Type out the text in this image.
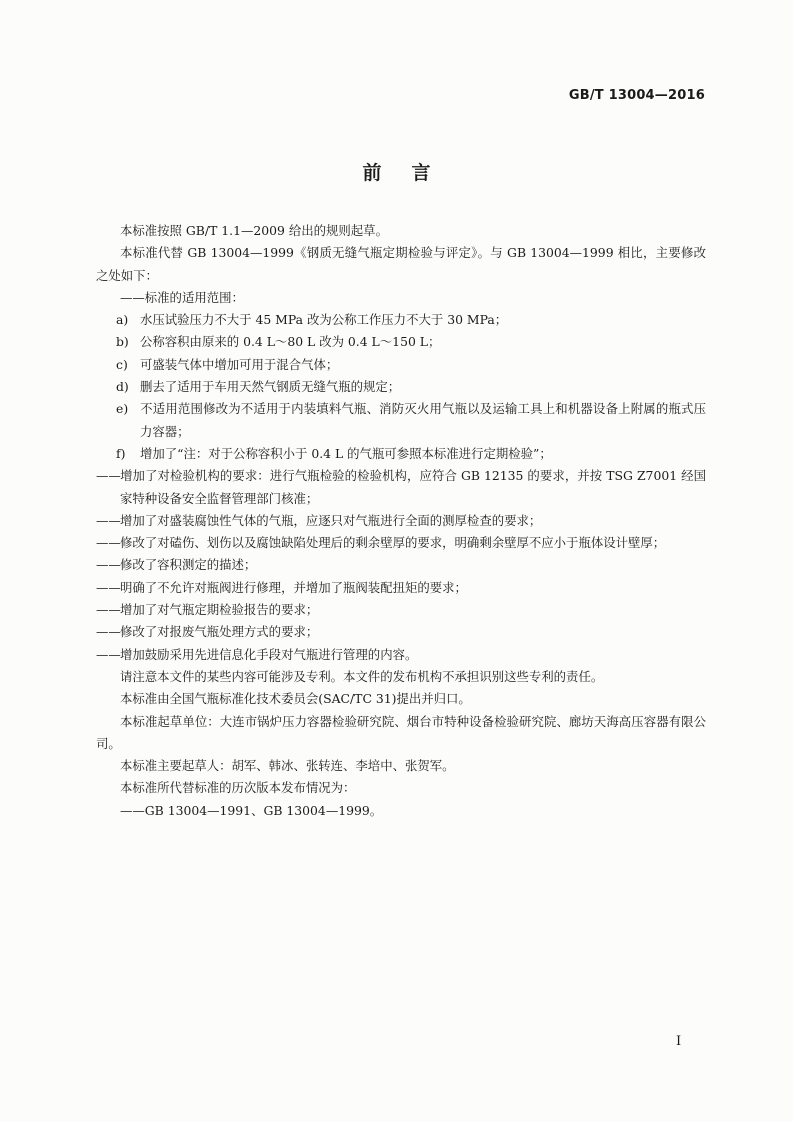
GB/T 13004—2016
前言

本标准按照 GB/T 1.1—2009 给出的规则起草。

本标准代替 GB 13004—1999《钢质无缝气瓶定期检验与评定》。与 GB 13004—1999 相比，主要修改之处如下：

——标准的适用范围：

a) 水压试验压力不大于 45 MPa 改为公称工作压力不大于 30 MPa；

b) 公称容积由原来的 0.4 L～80 L 改为 0.4 L～150 L；

c) 可盛装气体中增加可用于混合气体；

d) 删去了适用于车用天然气钢质无缝气瓶的规定；

e) 不适用范围修改为不适用于内装填料气瓶、消防灭火用气瓶以及运输工具上和机器设备上附属的瓶式压力容器；

f) 增加了“注：对于公称容积小于 0.4 L 的气瓶可参照本标准进行定期检验”；

——增加了对检验机构的要求：进行气瓶检验的检验机构，应符合 GB 12135 的要求，并按 TSG Z7001 经国家特种设备安全监督管理部门核准；

——增加了对盛装腐蚀性气体的气瓶，应逐只对气瓶进行全面的测厚检查的要求；

——修改了对磕伤、划伤以及腐蚀缺陷处理后的剩余壁厚的要求，明确剩余壁厚不应小于瓶体设计壁厚；

——修改了容积测定的描述；

——明确了不允许对瓶阀进行修理，并增加了瓶阀装配扭矩的要求；

——增加了对气瓶定期检验报告的要求；

——修改了对报废气瓶处理方式的要求；

——增加鼓励采用先进信息化手段对气瓶进行管理的内容。

请注意本文件的某些内容可能涉及专利。本文件的发布机构不承担识别这些专利的责任。

本标准由全国气瓶标准化技术委员会(SAC/TC 31)提出并归口。

本标准起草单位：大连市锅炉压力容器检验研究院、烟台市特种设备检验研究院、廊坊天海高压容器有限公司。

本标准主要起草人：胡军、韩冰、张转连、李培中、张贺军。

本标准所代替标准的历次版本发布情况为：

——GB 13004—1991、GB 13004—1999。

I
